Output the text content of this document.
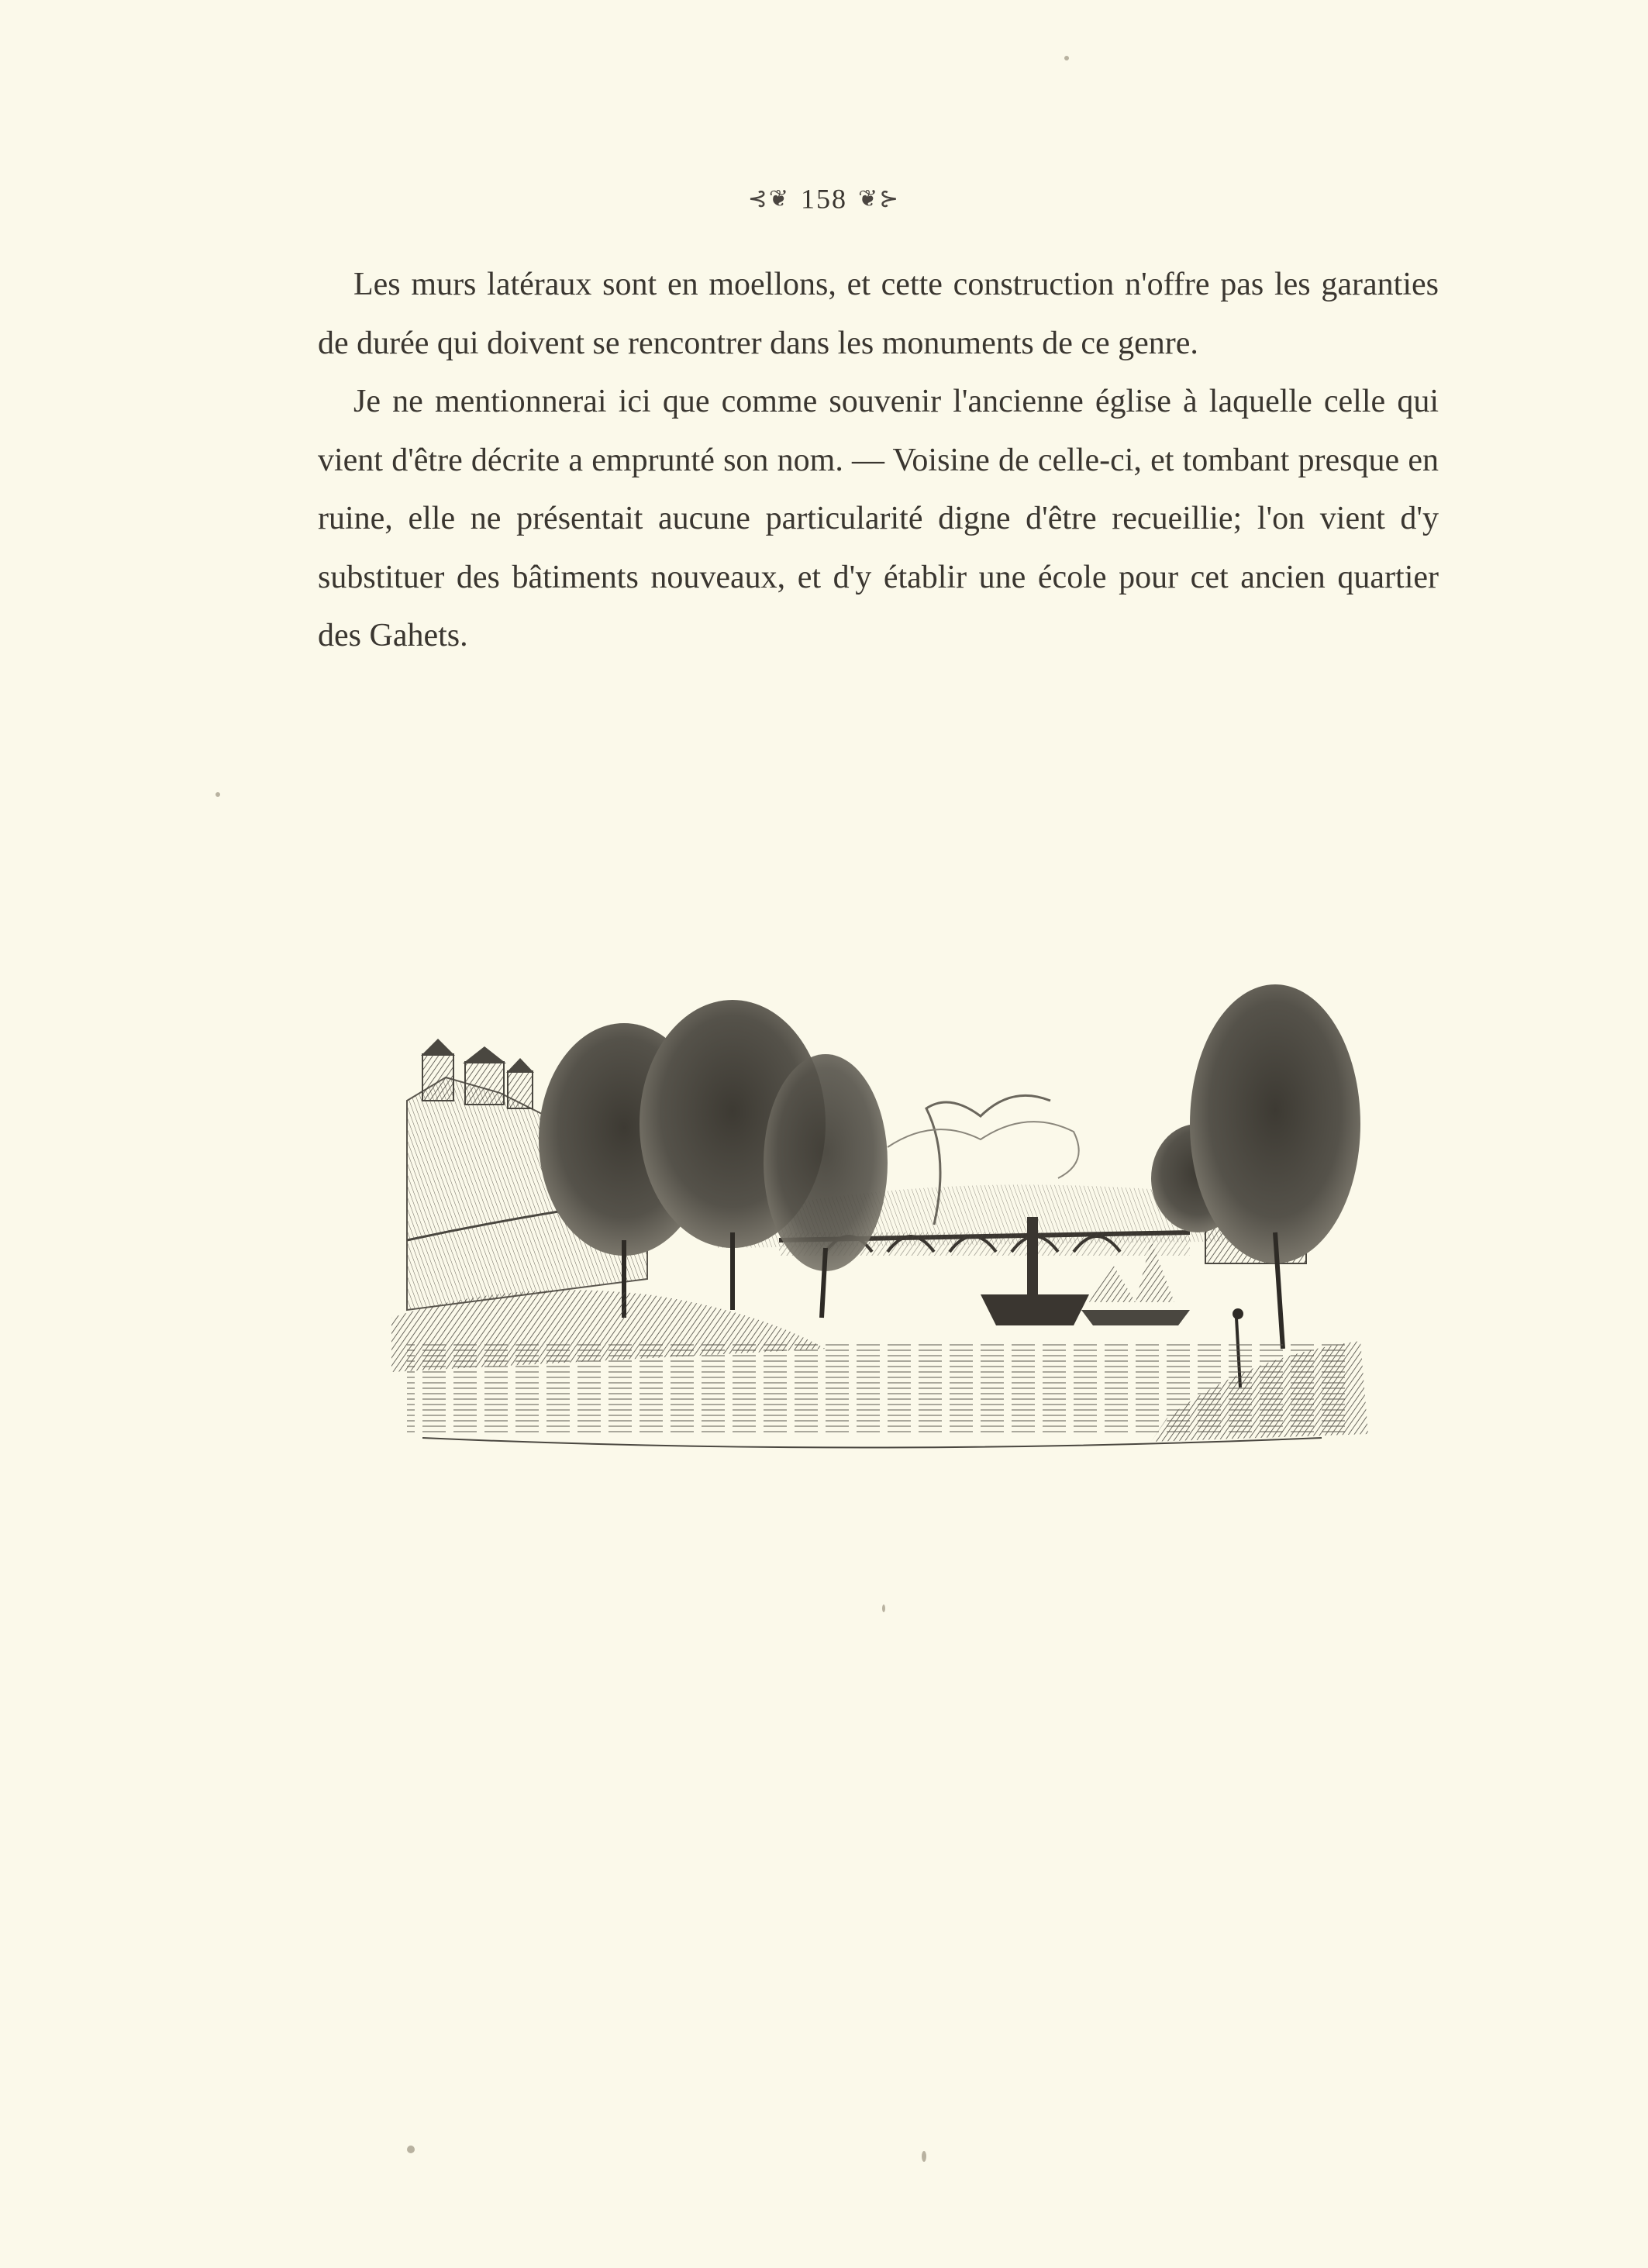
⊰❦ 158 ❦⊱

Les murs latéraux sont en moellons, et cette construction n'offre pas les garanties de durée qui doivent se rencontrer dans les monuments de ce genre.

Je ne mentionnerai ici que comme souvenir l'ancienne église à laquelle celle qui vient d'être décrite a emprunté son nom. — Voisine de celle-ci, et tombant presque en ruine, elle ne présentait aucune particularité digne d'être recueillie; l'on vient d'y substituer des bâtiments nouveaux, et d'y établir une école pour cet ancien quartier des Gahets.
